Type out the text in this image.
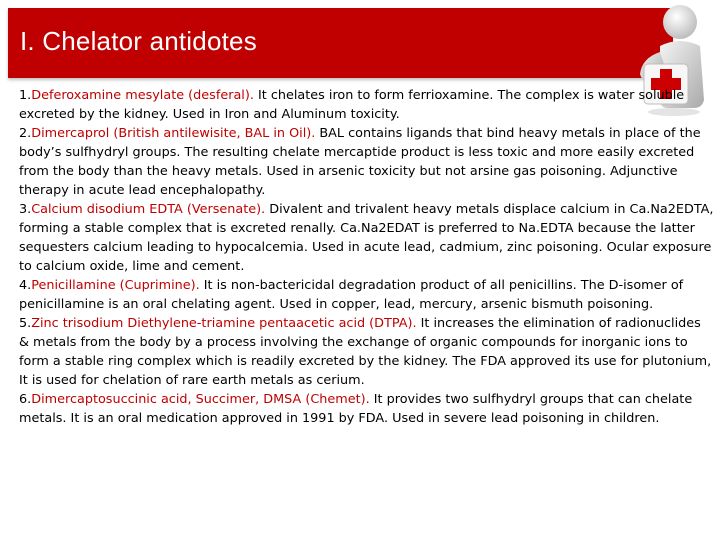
I. Chelator antidotes

1.Deferoxamine mesylate (desferal). It chelates iron to form ferrioxamine. The complex is water soluble excreted by the kidney. Used in Iron and Aluminum toxicity.

2.Dimercaprol (British antilewisite, BAL in Oil). BAL contains ligands that bind heavy metals in place of the body’s sulfhydryl groups. The resulting chelate mercaptide product is less toxic and more easily excreted from the body than the heavy metals. Used in arsenic toxicity but not arsine gas poisoning. Adjunctive therapy in acute lead encephalopathy.

3.Calcium disodium EDTA (Versenate). Divalent and trivalent heavy metals displace calcium in Ca.Na2EDTA, forming a stable complex that is excreted renally. Ca.Na2EDAT is preferred to Na.EDTA because the latter sequesters calcium leading to hypocalcemia. Used in acute lead, cadmium, zinc poisoning. Ocular exposure to calcium oxide, lime and cement.

4.Penicillamine (Cuprimine). It is non-bactericidal degradation product of all penicillins. The D-isomer of penicillamine is an oral chelating agent. Used in copper, lead, mercury, arsenic bismuth poisoning.

5.Zinc trisodium Diethylene-triamine pentaacetic acid (DTPA). It increases the elimination of radionuclides & metals from the body by a process involving the exchange of organic compounds for inorganic ions to form a stable ring complex which is readily excreted by the kidney. The FDA approved its use for plutonium, It is used for chelation of rare earth metals as cerium.

6.Dimercaptosuccinic acid, Succimer, DMSA (Chemet). It provides two sulfhydryl groups that can chelate metals. It is an oral medication approved in 1991 by FDA. Used in severe lead poisoning in children.
